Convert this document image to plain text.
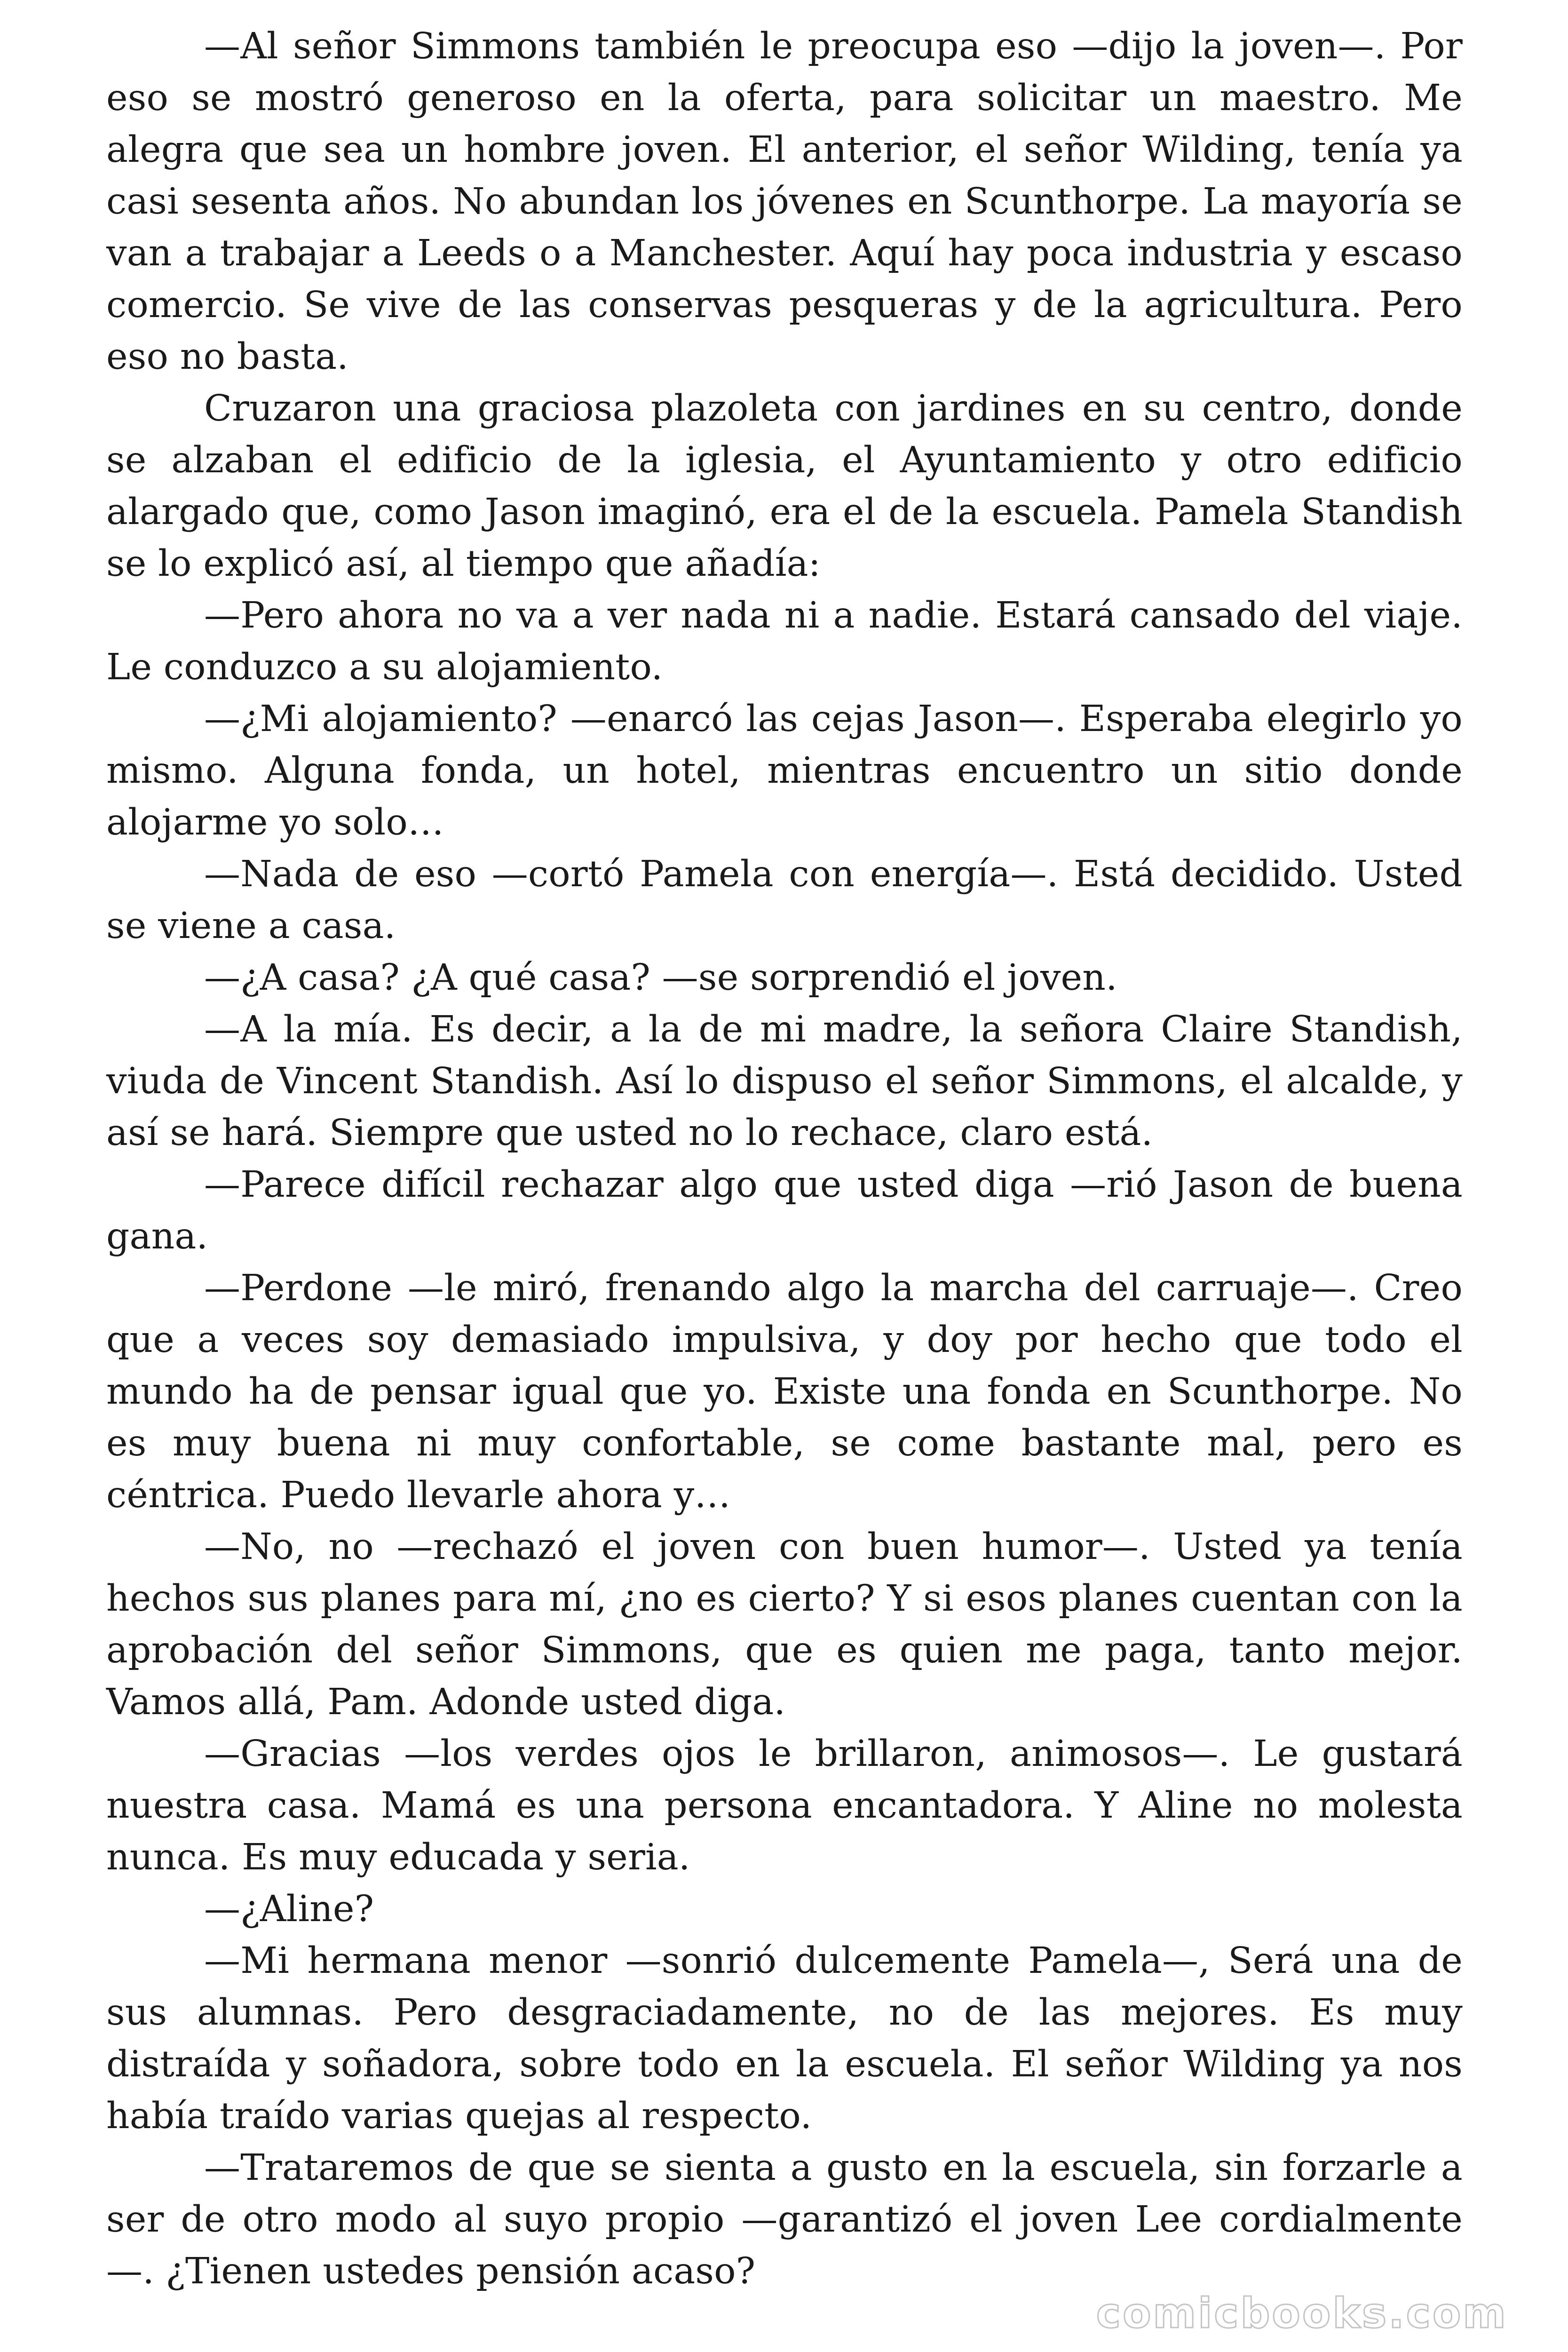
—Al señor Simmons también le preocupa eso —dijo la joven—. Por eso se mostró generoso en la oferta, para solicitar un maestro. Me alegra que sea un hombre joven. El anterior, el señor Wilding, tenía ya casi sesenta años. No abundan los jóvenes en Scunthorpe. La mayoría se van a trabajar a Leeds o a Manchester. Aquí hay poca industria y escaso comercio. Se vive de las conservas pesqueras y de la agricultura. Pero eso no basta.

Cruzaron una graciosa plazoleta con jardines en su centro, donde se alzaban el edificio de la iglesia, el Ayuntamiento y otro edificio alargado que, como Jason imaginó, era el de la escuela. Pamela Standish se lo explicó así, al tiempo que añadía:

—Pero ahora no va a ver nada ni a nadie. Estará cansado del viaje. Le conduzco a su alojamiento.

—¿Mi alojamiento? —enarcó las cejas Jason—. Esperaba elegirlo yo mismo. Alguna fonda, un hotel, mientras encuentro un sitio donde alojarme yo solo…

—Nada de eso —cortó Pamela con energía—. Está decidido. Usted se viene a casa.

—¿A casa? ¿A qué casa? —se sorprendió el joven.

—A la mía. Es decir, a la de mi madre, la señora Claire Standish, viuda de Vincent Standish. Así lo dispuso el señor Simmons, el alcalde, y así se hará. Siempre que usted no lo rechace, claro está.

—Parece difícil rechazar algo que usted diga —rió Jason de buena gana.

—Perdone —le miró, frenando algo la marcha del carruaje—. Creo que a veces soy demasiado impulsiva, y doy por hecho que todo el mundo ha de pensar igual que yo. Existe una fonda en Scunthorpe. No es muy buena ni muy confortable, se come bastante mal, pero es céntrica. Puedo llevarle ahora y…

—No, no —rechazó el joven con buen humor—. Usted ya tenía hechos sus planes para mí, ¿no es cierto? Y si esos planes cuentan con la aprobación del señor Simmons, que es quien me paga, tanto mejor. Vamos allá, Pam. Adonde usted diga.

—Gracias —los verdes ojos le brillaron, animosos—. Le gustará nuestra casa. Mamá es una persona encantadora. Y Aline no molesta nunca. Es muy educada y seria.

—¿Aline?

—Mi hermana menor —sonrió dulcemente Pamela—, Será una de sus alumnas. Pero desgraciadamente, no de las mejores. Es muy distraída y soñadora, sobre todo en la escuela. El señor Wilding ya nos había traído varias quejas al respecto.

—Trataremos de que se sienta a gusto en la escuela, sin forzarle a ser de otro modo al suyo propio —garantizó el joven Lee cordialmente —. ¿Tienen ustedes pensión acaso?

comicbooks.com
